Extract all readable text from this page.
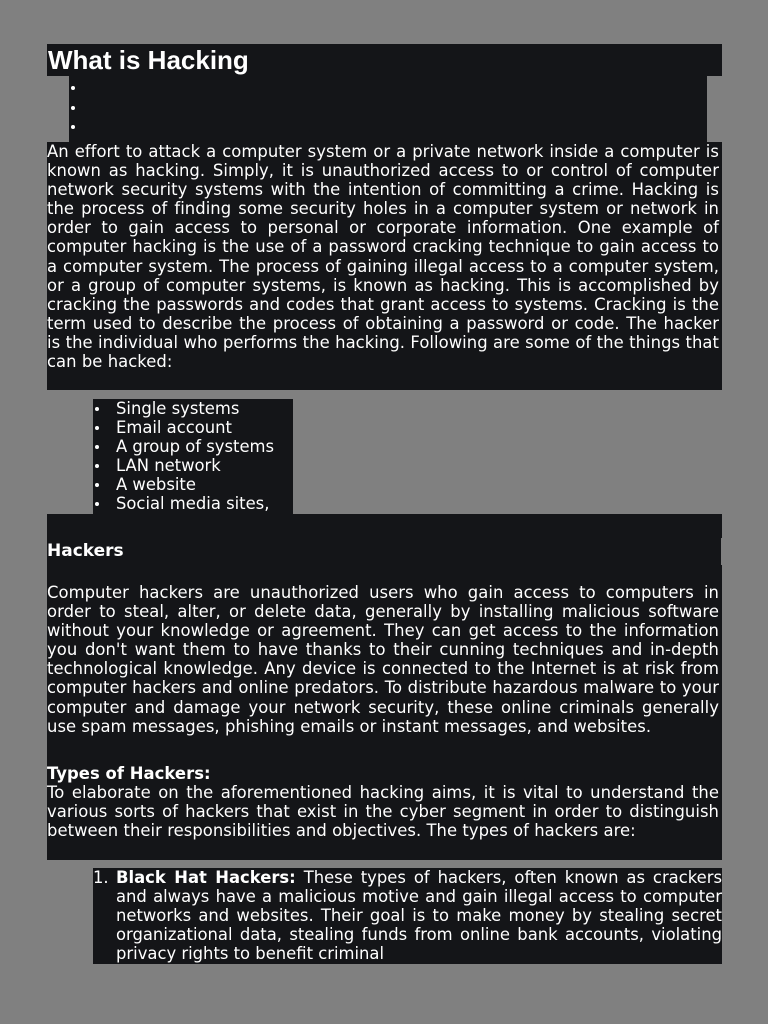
What is Hacking

An effort to attack a computer system or a private network inside a computer is known as hacking. Simply, it is unauthorized access to or control of computer network security systems with the intention of committing a crime. Hacking is the process of finding some security holes in a computer system or network in order to gain access to personal or corporate information. One example of computer hacking is the use of a password cracking technique to gain access to a computer system. The process of gaining illegal access to a computer system, or a group of computer systems, is known as hacking. This is accomplished by cracking the passwords and codes that grant access to systems. Cracking is the term used to describe the process of obtaining a password or code. The hacker is the individual who performs the hacking. Following are some of the things that can be hacked:

Single systems
Email account
A group of systems
LAN network
A website
Social media sites,
Hackers

Computer hackers are unauthorized users who gain access to computers in order to steal, alter, or delete data, generally by installing malicious software without your knowledge or agreement. They can get access to the information you don't want them to have thanks to their cunning techniques and in-depth technological knowledge. Any device is connected to the Internet is at risk from computer hackers and online predators. To distribute hazardous malware to your computer and damage your network security, these online criminals generally use spam messages, phishing emails or instant messages, and websites.

Types of Hackers:

To elaborate on the aforementioned hacking aims, it is vital to understand the various sorts of hackers that exist in the cyber segment in order to distinguish between their responsibilities and objectives. The types of hackers are:

1. Black Hat Hackers: These types of hackers, often known as crackers and always have a malicious motive and gain illegal access to computer networks and websites. Their goal is to make money by stealing secret organizational data, stealing funds from online bank accounts, violating privacy rights to benefit criminal
